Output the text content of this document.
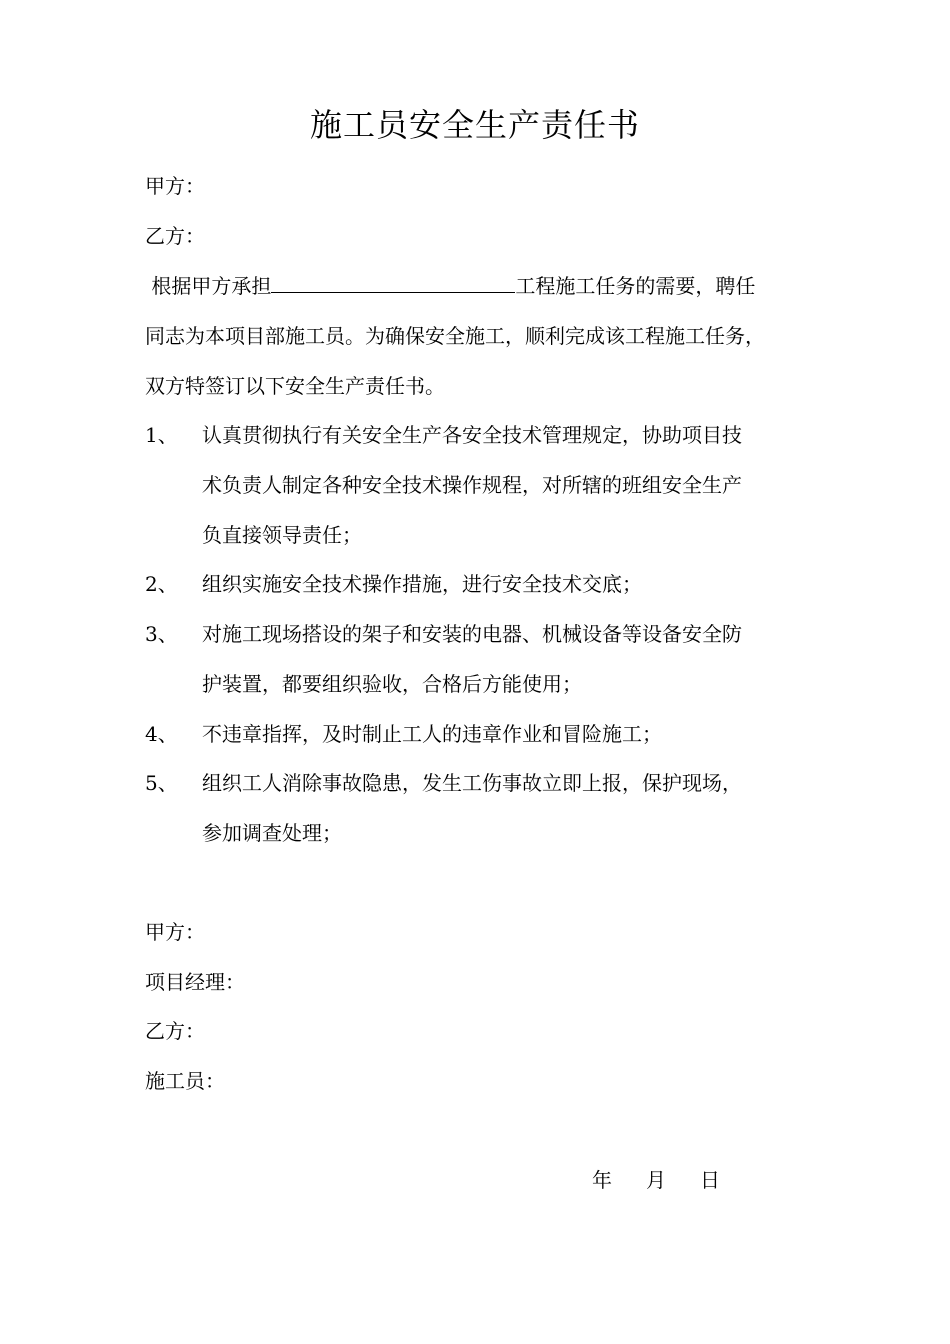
施工员安全生产责任书
甲方：
乙方：
根据甲方承担	工程施工任务的需要，聘任
同志为本项目部施工员。为确保安全施工，顺利完成该工程施工任务，
双方特签订以下安全生产责任书。
1、 认真贯彻执行有关安全生产各安全技术管理规定，协助项目技
术负责人制定各种安全技术操作规程，对所辖的班组安全生产
负直接领导责任；
2、 组织实施安全技术操作措施，进行安全技术交底；
3、 对施工现场搭设的架子和安装的电器、机械设备等设备安全防
护装置，都要组织验收，合格后方能使用；
4、 不违章指挥，及时制止工人的违章作业和冒险施工；
5、 组织工人消除事故隐患，发生工伤事故立即上报，保护现场，
参加调查处理；
甲方：
项目经理：
乙方：
施工员：
年 月 日
